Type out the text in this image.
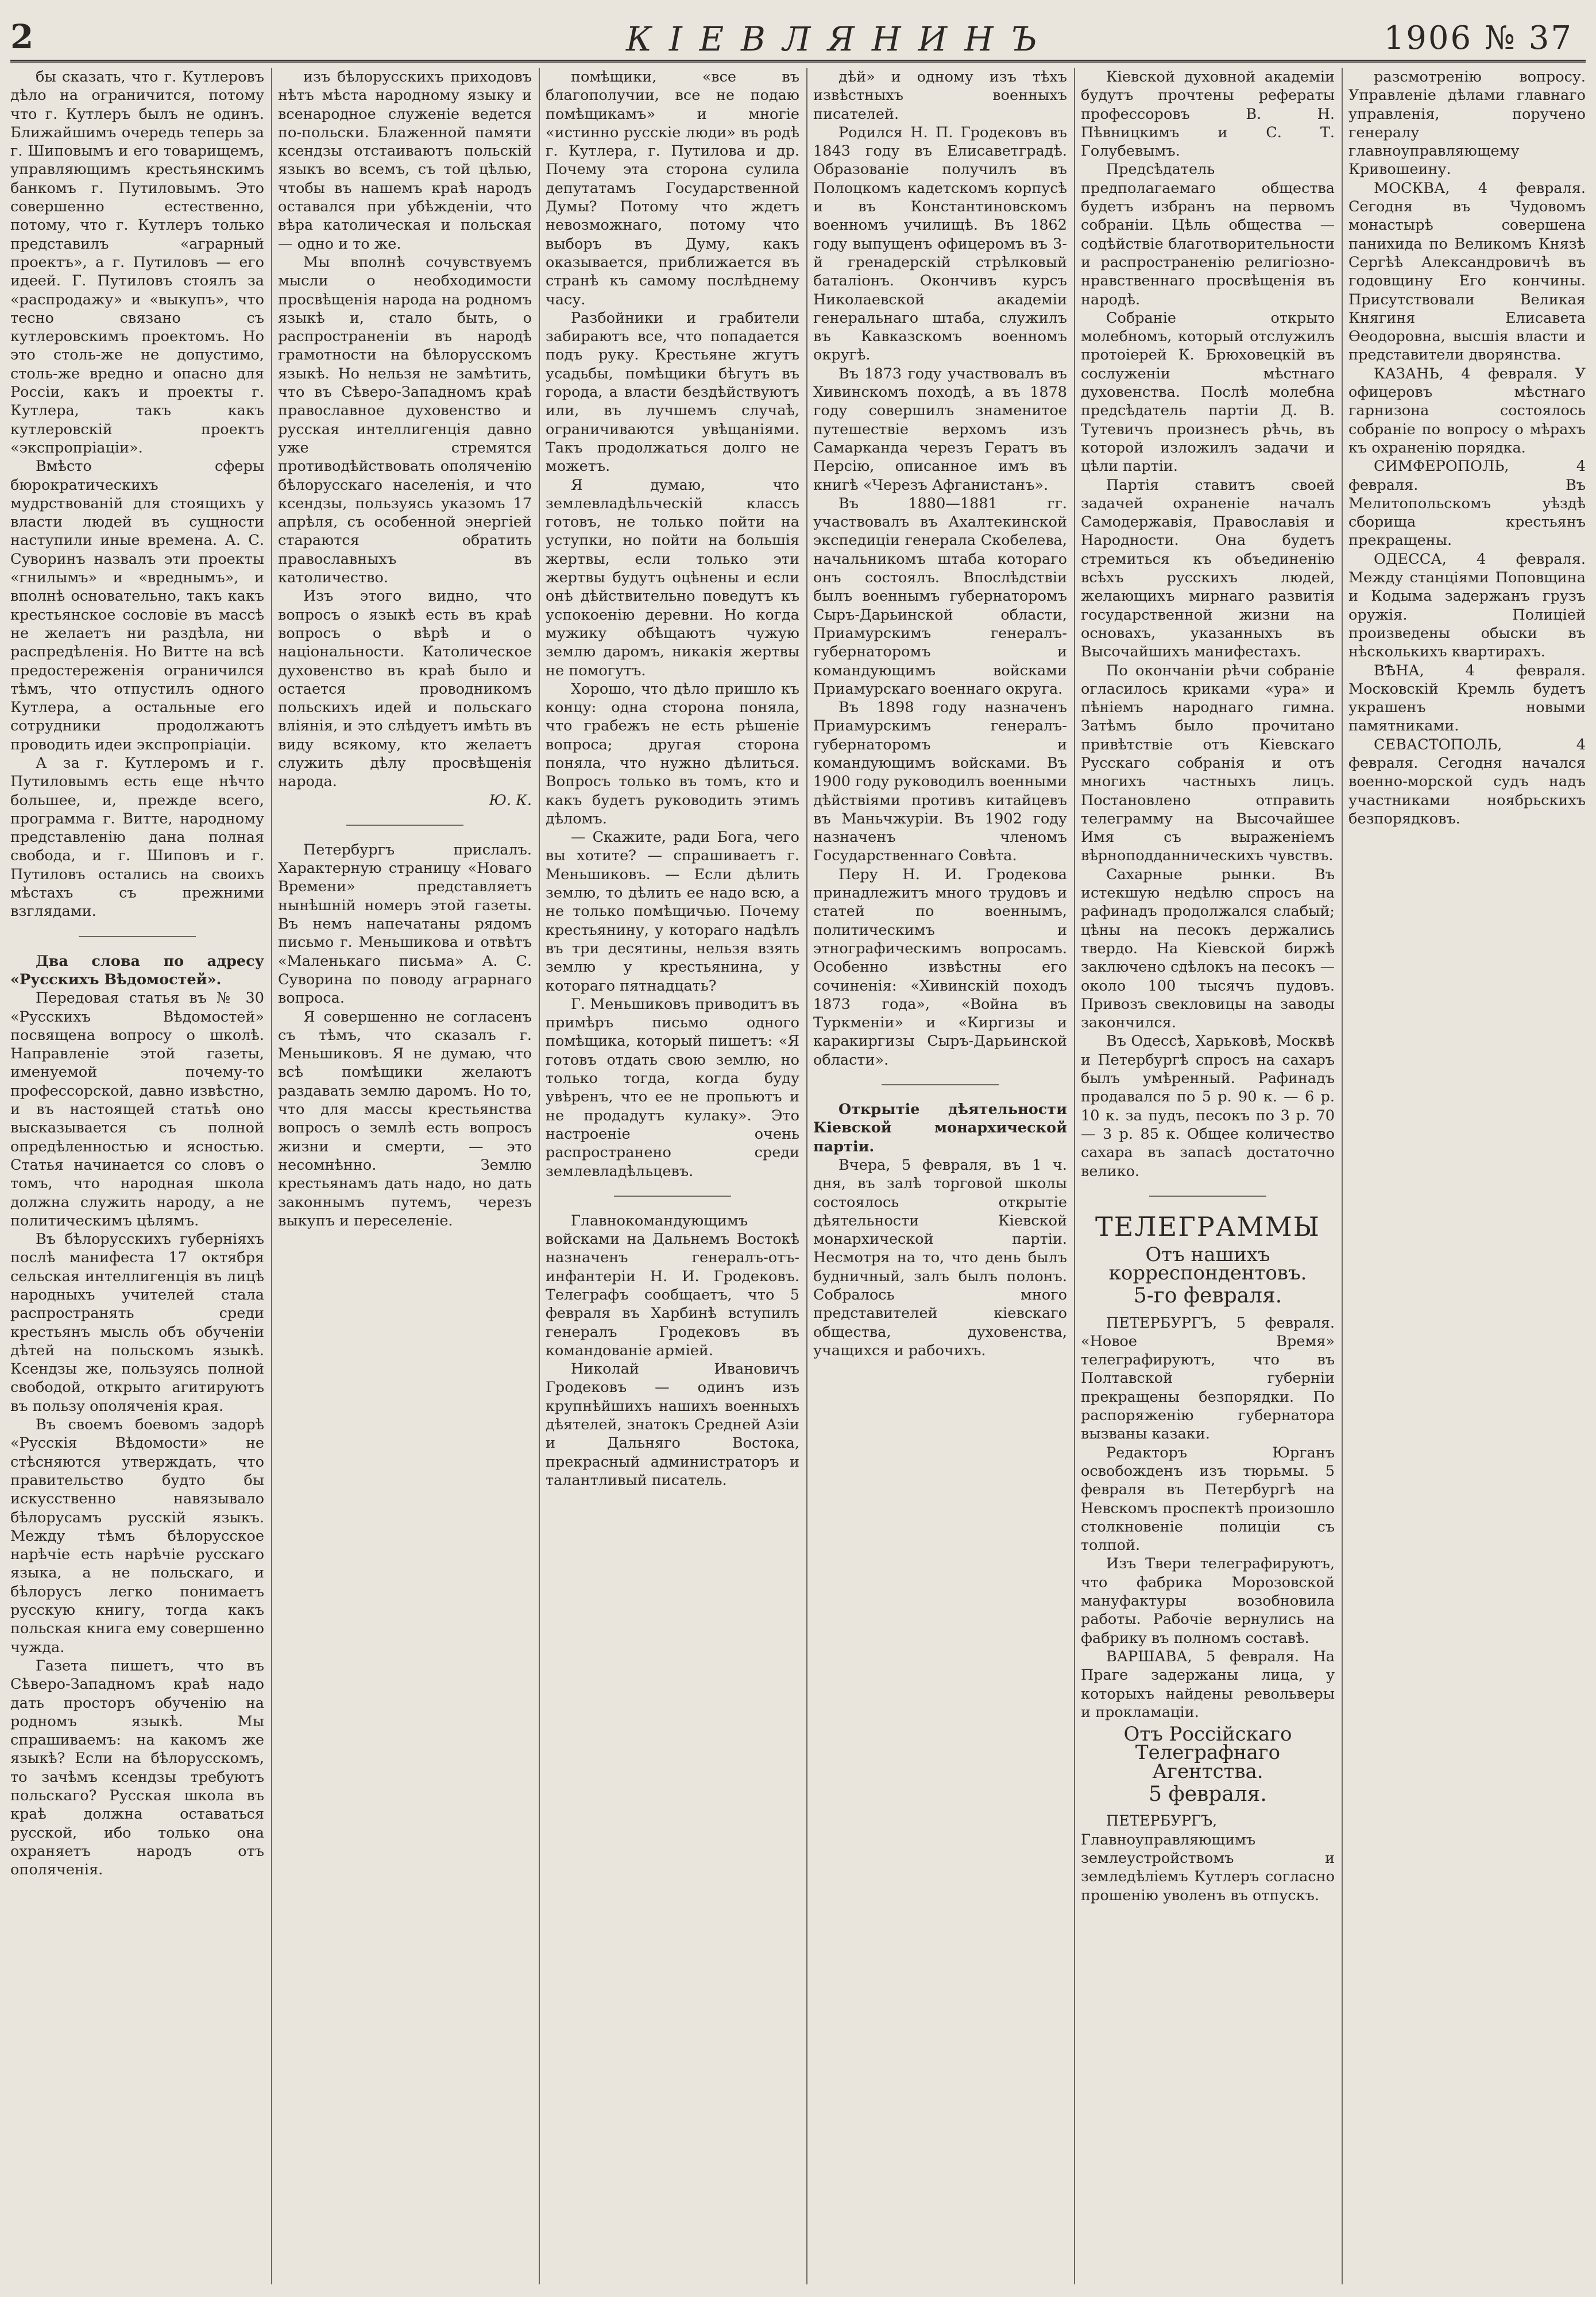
2	КІЕВЛЯНИНЪ	1906 № 37

бы сказать, что г. Кутлеровъ дѣло на ограничится, потому что г. Кутлеръ былъ не одинъ. Ближайшимъ очередь теперь за г. Шиповымъ и его товарищемъ, управляющимъ крестьянскимъ банкомъ г. Путиловымъ. Это совершенно естественно, потому, что г. Кутлеръ только представилъ «аграрный проектъ», а г. Путиловъ — его идеей. Г. Путиловъ стоялъ за «распродажу» и «выкупъ», что тесно связано съ кутлеровскимъ проектомъ. Но это столь-же не допустимо, столь-же вредно и опасно для Россіи, какъ и проекты г. Кутлера, такъ какъ кутлеровскій проектъ «экспропріаціи».

Вмѣсто сферы бюрократическихъ мудрствованій для стоящихъ у власти людей въ сущности наступили иные времена. А. С. Суворинъ назвалъ эти проекты «гнилымъ» и «вреднымъ», и вполнѣ основательно, такъ какъ крестьянское сословіе въ массѣ не желаетъ ни раздѣла, ни распредѣленія. Но Витте на всѣ предостереженія ограничился тѣмъ, что отпустилъ одного Кутлера, а остальные его сотрудники продолжаютъ проводить идеи экспропріаціи.

А за г. Кутлеромъ и г. Путиловымъ есть еще нѣчто большее, и, прежде всего, программа г. Витте, народному представленію дана полная свобода, и г. Шиповъ и г. Путиловъ остались на своихъ мѣстахъ съ прежними взглядами.

Два слова по адресу «Русскихъ Вѣдомостей».

Передовая статья въ № 30 «Русскихъ Вѣдомостей» посвящена вопросу о школѣ. Направленіе этой газеты, именуемой почему-то профессорской, давно извѣстно, и въ настоящей статьѣ оно высказывается съ полной опредѣленностью и ясностью. Статья начинается со словъ о томъ, что народная школа должна служить народу, а не политическимъ цѣлямъ.

Въ бѣлорусскихъ губерніяхъ послѣ манифеста 17 октября сельская интеллигенція въ лицѣ народныхъ учителей стала распространять среди крестьянъ мысль объ обученіи дѣтей на польскомъ языкѣ. Ксендзы же, пользуясь полной свободой, открыто агитируютъ въ пользу ополяченія края.

Въ своемъ боевомъ задорѣ «Русскія Вѣдомости» не стѣсняются утверждать, что правительство будто бы искусственно навязывало бѣлорусамъ русскій языкъ. Между тѣмъ бѣлорусское нарѣчіе есть нарѣчіе русскаго языка, а не польскаго, и бѣлорусъ легко понимаетъ русскую книгу, тогда какъ польская книга ему совершенно чужда.

Газета пишетъ, что въ Сѣверо-Западномъ краѣ надо дать просторъ обученію на родномъ языкѣ. Мы спрашиваемъ: на какомъ же языкѣ? Если на бѣлорусскомъ, то зачѣмъ ксендзы требуютъ польскаго? Русская школа въ краѣ должна оставаться русской, ибо только она охраняетъ народъ отъ ополяченія.

изъ бѣлорусскихъ приходовъ нѣтъ мѣста народному языку и всенародное служеніе ведется по-польски. Блаженной памяти ксендзы отстаиваютъ польскій языкъ во всемъ, съ той цѣлью, чтобы въ нашемъ краѣ народъ оставался при убѣжденіи, что вѣра католическая и польская — одно и то же.

Мы вполнѣ сочувствуемъ мысли о необходимости просвѣщенія народа на родномъ языкѣ и, стало быть, о распространеніи въ народѣ грамотности на бѣлорусскомъ языкѣ. Но нельзя не замѣтить, что въ Сѣверо-Западномъ краѣ православное духовенство и русская интеллигенція давно уже стремятся противодѣйствовать ополяченію бѣлорусскаго населенія, и что ксендзы, пользуясь указомъ 17 апрѣля, съ особенной энергіей стараются обратить православныхъ въ католичество.

Изъ этого видно, что вопросъ о языкѣ есть въ краѣ вопросъ о вѣрѣ и о національности. Католическое духовенство въ краѣ было и остается проводникомъ польскихъ идей и польскаго вліянія, и это слѣдуетъ имѣть въ виду всякому, кто желаетъ служить дѣлу просвѣщенія народа.

Ю. К.

Петербургъ прислалъ. Характерную страницу «Новаго Времени» представляетъ нынѣшній номеръ этой газеты. Въ немъ напечатаны рядомъ письмо г. Меньшикова и отвѣтъ «Маленькаго письма» А. С. Суворина по поводу аграрнаго вопроса.

Я совершенно не согласенъ съ тѣмъ, что сказалъ г. Меньшиковъ. Я не думаю, что всѣ помѣщики желаютъ раздавать землю даромъ. Но то, что для массы крестьянства вопросъ о землѣ есть вопросъ жизни и смерти, — это несомнѣнно. Землю крестьянамъ дать надо, но дать законнымъ путемъ, черезъ выкупъ и переселеніе.

помѣщики, «все въ благополучии, все не подаю помѣщикамъ» и многіе «истинно русскіе люди» въ родѣ г. Кутлера, г. Путилова и др. Почему эта сторона сулила депутатамъ Государственной Думы? Потому что ждетъ невозможнаго, потому что выборъ въ Думу, какъ оказывается, приближается въ странѣ къ самому послѣднему часу.

Разбойники и грабители забираютъ все, что попадается подъ руку. Крестьяне жгутъ усадьбы, помѣщики бѣгутъ въ города, а власти бездѣйствуютъ или, въ лучшемъ случаѣ, ограничиваются увѣщаніями. Такъ продолжаться долго не можетъ.

Я думаю, что землевладѣльческій классъ готовъ, не только пойти на уступки, но пойти на большія жертвы, если только эти жертвы будутъ оцѣнены и если онѣ дѣйствительно поведутъ къ успокоенію деревни. Но когда мужику обѣщаютъ чужую землю даромъ, никакія жертвы не помогутъ.

Хорошо, что дѣло пришло къ концу: одна сторона поняла, что грабежъ не есть рѣшеніе вопроса; другая сторона поняла, что нужно дѣлиться. Вопросъ только въ томъ, кто и какъ будетъ руководить этимъ дѣломъ.

— Скажите, ради Бога, чего вы хотите? — спрашиваетъ г. Меньшиковъ. — Если дѣлить землю, то дѣлить ее надо всю, а не только помѣщичью. Почему крестьянину, у котораго надѣлъ въ три десятины, нельзя взять землю у крестьянина, у котораго пятнадцать?

Г. Меньшиковъ приводитъ въ примѣръ письмо одного помѣщика, который пишетъ: «Я готовъ отдать свою землю, но только тогда, когда буду увѣренъ, что ее не пропьютъ и не продадутъ кулаку». Это настроеніе очень распространено среди землевладѣльцевъ.

Главнокомандующимъ войсками на Дальнемъ Востокѣ назначенъ генералъ-отъ-инфантеріи Н. И. Гродековъ. Телеграфъ сообщаетъ, что 5 февраля въ Харбинѣ вступилъ генералъ Гродековъ въ командованіе арміей.

Николай Ивановичъ Гродековъ — одинъ изъ крупнѣйшихъ нашихъ военныхъ дѣятелей, знатокъ Средней Азіи и Дальняго Востока, прекрасный администраторъ и талантливый писатель.

дѣй» и одному изъ тѣхъ извѣстныхъ военныхъ писателей.

Родился Н. П. Гродековъ въ 1843 году въ Елисаветградѣ. Образованіе получилъ въ Полоцкомъ кадетскомъ корпусѣ и въ Константиновскомъ военномъ училищѣ. Въ 1862 году выпущенъ офицеромъ въ 3-й гренадерскій стрѣлковый баталіонъ. Окончивъ курсъ Николаевской академіи генеральнаго штаба, служилъ въ Кавказскомъ военномъ округѣ.

Въ 1873 году участвовалъ въ Хивинскомъ походѣ, а въ 1878 году совершилъ знаменитое путешествіе верхомъ изъ Самарканда черезъ Гератъ въ Персію, описанное имъ въ книгѣ «Черезъ Афганистанъ».

Въ 1880—1881 гг. участвовалъ въ Ахалтекинской экспедиціи генерала Скобелева, начальникомъ штаба котораго онъ состоялъ. Впослѣдствіи былъ военнымъ губернаторомъ Сыръ-Дарьинской области, Приамурскимъ генералъ-губернаторомъ и командующимъ войсками Приамурскаго военнаго округа.

Въ 1898 году назначенъ Приамурскимъ генералъ-губернаторомъ и командующимъ войсками. Въ 1900 году руководилъ военными дѣйствіями противъ китайцевъ въ Маньчжуріи. Въ 1902 году назначенъ членомъ Государственнаго Совѣта.

Перу Н. И. Гродекова принадлежитъ много трудовъ и статей по военнымъ, политическимъ и этнографическимъ вопросамъ. Особенно извѣстны его сочиненія: «Хивинскій походъ 1873 года», «Война въ Туркменіи» и «Киргизы и каракиргизы Сыръ-Дарьинской области».

Открытіе дѣятельности Кіевской монархической партіи.

Вчера, 5 февраля, въ 1 ч. дня, въ залѣ торговой школы состоялось открытіе дѣятельности Кіевской монархической партіи. Несмотря на то, что день былъ будничный, залъ былъ полонъ. Собралось много представителей кіевскаго общества, духовенства, учащихся и рабочихъ.

Кіевской духовной академіи будутъ прочтены рефераты профессоровъ В. Н. Пѣвницкимъ и С. Т. Голубевымъ.

Предсѣдатель предполагаемаго общества будетъ избранъ на первомъ собраніи. Цѣль общества — содѣйствіе благотворительности и распространенію религіозно-нравственнаго просвѣщенія въ народѣ.

Собраніе открыто молебномъ, который отслужилъ протоіерей К. Брюховецкій въ сослуженіи мѣстнаго духовенства. Послѣ молебна предсѣдатель партіи Д. В. Тутевичъ произнесъ рѣчь, въ которой изложилъ задачи и цѣли партіи.

Партія ставитъ своей задачей охраненіе началъ Самодержавія, Православія и Народности. Она будетъ стремиться къ объединенію всѣхъ русскихъ людей, желающихъ мирнаго развитія государственной жизни на основахъ, указанныхъ въ Высочайшихъ манифестахъ.

По окончаніи рѣчи собраніе огласилось криками «ура» и пѣніемъ народнаго гимна. Затѣмъ было прочитано привѣтствіе отъ Кіевскаго Русскаго собранія и отъ многихъ частныхъ лицъ. Постановлено отправить телеграмму на Высочайшее Имя съ выраженіемъ вѣрноподданническихъ чувствъ.

Сахарные рынки. Въ истекшую недѣлю спросъ на рафинадъ продолжался слабый; цѣны на песокъ держались твердо. На Кіевской биржѣ заключено сдѣлокъ на песокъ — около 100 тысячъ пудовъ. Привозъ свекловицы на заводы закончился.

Въ Одессѣ, Харьковѣ, Москвѣ и Петербургѣ спросъ на сахаръ былъ умѣренный. Рафинадъ продавался по 5 р. 90 к. — 6 р. 10 к. за пудъ, песокъ по 3 р. 70 — 3 р. 85 к. Общее количество сахара въ запасѣ достаточно велико.

ТЕЛЕГРАММЫ
Отъ нашихъ корреспондентовъ.
5-го февраля.

ПЕТЕРБУРГЪ, 5 февраля. «Новое Время» телеграфируютъ, что въ Полтавской губерніи прекращены безпорядки. По распоряженію губернатора вызваны казаки.

Редакторъ Юрганъ освобожденъ изъ тюрьмы. 5 февраля въ Петербургѣ на Невскомъ проспектѣ произошло столкновеніе полиціи съ толпой.

Изъ Твери телеграфируютъ, что фабрика Морозовской мануфактуры возобновила работы. Рабочіе вернулись на фабрику въ полномъ составѣ.

ВАРШАВА, 5 февраля. На Праге задержаны лица, у которыхъ найдены револьверы и прокламаціи.

Отъ Россійскаго Телеграфнаго Агентства.
5 февраля.

ПЕТЕРБУРГЪ, Главноуправляющимъ землеустройствомъ и земледѣліемъ Кутлеръ согласно прошенію уволенъ въ отпускъ.

разсмотренію вопросу. Управленіе дѣлами главнаго управленія, поручено генералу главноуправляющему Кривошеину.

МОСКВА, 4 февраля. Сегодня въ Чудовомъ монастырѣ совершена панихида по Великомъ Князѣ Сергѣѣ Александровичѣ въ годовщину Его кончины. Присутствовали Великая Княгиня Елисавета Ѳеодоровна, высшія власти и представители дворянства.

КАЗАНЬ, 4 февраля. У офицеровъ мѣстнаго гарнизона состоялось собраніе по вопросу о мѣрахъ къ охраненію порядка.

СИМФЕРОПОЛЬ, 4 февраля. Въ Мелитопольскомъ уѣздѣ сборища крестьянъ прекращены.

ОДЕССА, 4 февраля. Между станціями Поповщина и Кодыма задержанъ грузъ оружія. Полиціей произведены обыски въ нѣсколькихъ квартирахъ.

ВѢНА, 4 февраля. Московскій Кремль будетъ украшенъ новыми памятниками.

СЕВАСТОПОЛЬ, 4 февраля. Сегодня начался военно-морской судъ надъ участниками ноябрьскихъ безпорядковъ.
